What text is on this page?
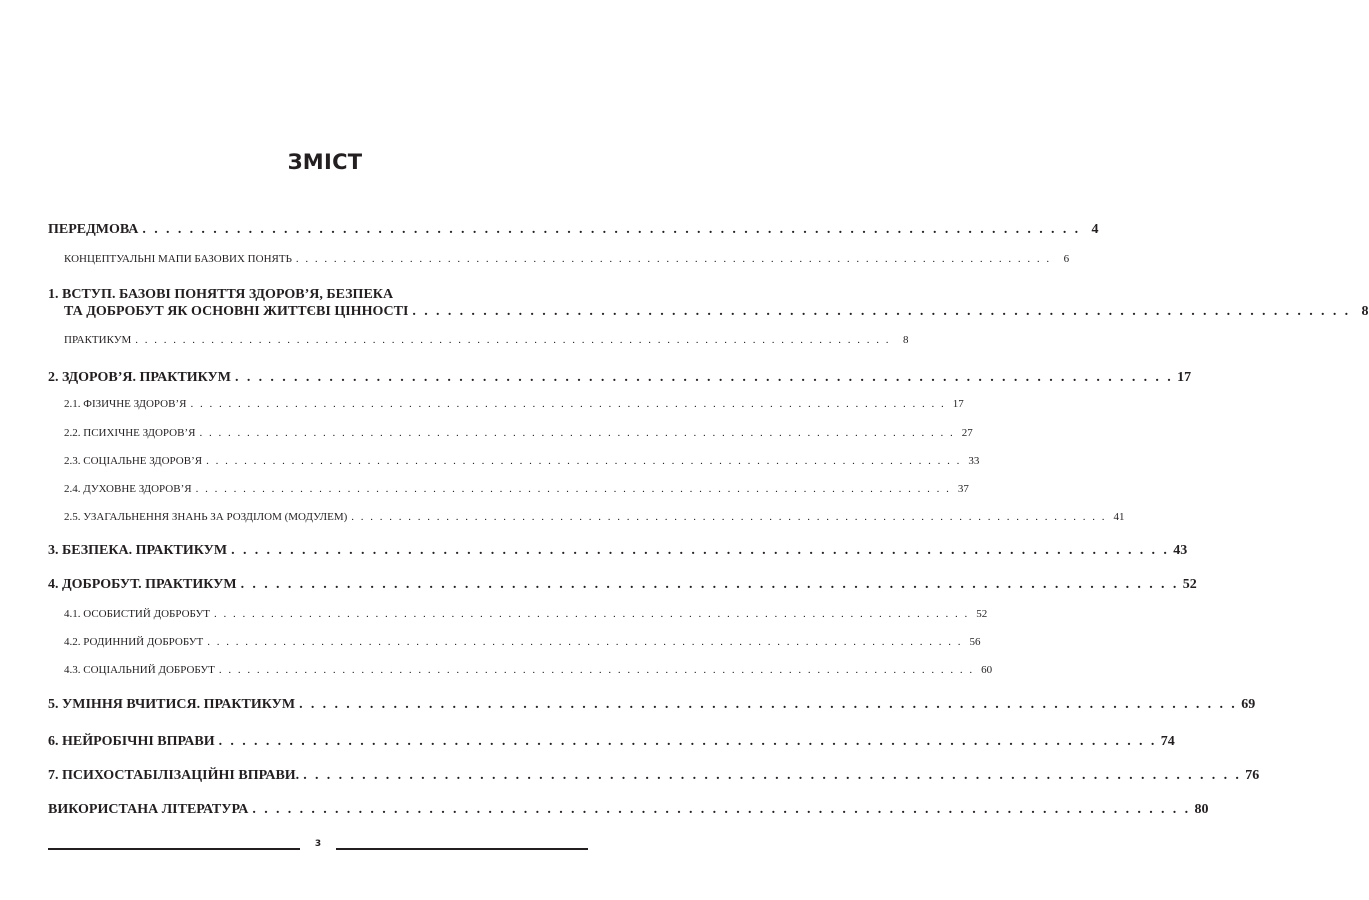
ЗМІСТ
ПЕРЕДМОВА . . . . . . . . . . . . . . . . . . . . . . . . . . . . . . . . . . . . . . . . . . . . . . . . . . . . . . . . . . . . . . . . . . . . . . . . . . . . . . . . 4
КОНЦЕПТУАЛЬНІ МАПИ БАЗОВИХ ПОНЯТЬ . . . . . . . . . . . . . . . . . . . . . . . . . . . . . . . . . . . . . . . . . . . . . . . . . . . . . . . . . . . . . . . . . . . . . . . . . . . . . . . .	6
1. ВСТУП. БАЗОВІ ПОНЯТТЯ ЗДОРОВ’Я, БЕЗПЕКА
ТА ДОБРОБУТ ЯК ОСНОВНІ ЖИТТЄВІ ЦІННОСТІ . . . . . . . . . . . . . . . . . . . . . . . . . . . . . . . . . . . . . . . . . . . . . . . . . . . . . . . . . . . . . . . . . . . . . . . . . . . . . . . . 8
ПРАКТИКУМ . . . . . . . . . . . . . . . . . . . . . . . . . . . . . . . . . . . . . . . . . . . . . . . . . . . . . . . . . . . . . . . . . . . . . . . . . . . . . . . .	8
2. ЗДОРОВ’Я. ПРАКТИКУМ . . . . . . . . . . . . . . . . . . . . . . . . . . . . . . . . . . . . . . . . . . . . . . . . . . . . . . . . . . . . . . . . . . . . . . . . . . . . . . . . 17
2.1. ФІЗИЧНЕ ЗДОРОВ’Я . . . . . . . . . . . . . . . . . . . . . . . . . . . . . . . . . . . . . . . . . . . . . . . . . . . . . . . . . . . . . . . . . . . . . . . . . . . . . . . . 17
2.2. ПСИХІЧНЕ ЗДОРОВ’Я . . . . . . . . . . . . . . . . . . . . . . . . . . . . . . . . . . . . . . . . . . . . . . . . . . . . . . . . . . . . . . . . . . . . . . . . . . . . . . . . 27
2.3. СОЦІАЛЬНЕ ЗДОРОВ’Я . . . . . . . . . . . . . . . . . . . . . . . . . . . . . . . . . . . . . . . . . . . . . . . . . . . . . . . . . . . . . . . . . . . . . . . . . . . . . . . . 33
2.4. ДУХОВНЕ ЗДОРОВ’Я . . . . . . . . . . . . . . . . . . . . . . . . . . . . . . . . . . . . . . . . . . . . . . . . . . . . . . . . . . . . . . . . . . . . . . . . . . . . . . . . 37
2.5. УЗАГАЛЬНЕННЯ ЗНАНЬ ЗА РОЗДІЛОМ (МОДУЛЕМ) . . . . . . . . . . . . . . . . . . . . . . . . . . . . . . . . . . . . . . . . . . . . . . . . . . . . . . . . . . . . . . . . . . . . . . . . . . . . . . . . 41
3. БЕЗПЕКА. ПРАКТИКУМ . . . . . . . . . . . . . . . . . . . . . . . . . . . . . . . . . . . . . . . . . . . . . . . . . . . . . . . . . . . . . . . . . . . . . . . . . . . . . . . . 43
4. ДОБРОБУТ. ПРАКТИКУМ . . . . . . . . . . . . . . . . . . . . . . . . . . . . . . . . . . . . . . . . . . . . . . . . . . . . . . . . . . . . . . . . . . . . . . . . . . . . . . . . 52
4.1. ОСОБИСТИЙ ДОБРОБУТ . . . . . . . . . . . . . . . . . . . . . . . . . . . . . . . . . . . . . . . . . . . . . . . . . . . . . . . . . . . . . . . . . . . . . . . . . . . . . . . . 52
4.2. РОДИННИЙ ДОБРОБУТ . . . . . . . . . . . . . . . . . . . . . . . . . . . . . . . . . . . . . . . . . . . . . . . . . . . . . . . . . . . . . . . . . . . . . . . . . . . . . . . . 56
4.3. СОЦІАЛЬНИЙ ДОБРОБУТ . . . . . . . . . . . . . . . . . . . . . . . . . . . . . . . . . . . . . . . . . . . . . . . . . . . . . . . . . . . . . . . . . . . . . . . . . . . . . . . . 60
5. УМІННЯ ВЧИТИСЯ. ПРАКТИКУМ . . . . . . . . . . . . . . . . . . . . . . . . . . . . . . . . . . . . . . . . . . . . . . . . . . . . . . . . . . . . . . . . . . . . . . . . . . . . . . . . 69
6. НЕЙРОБІЧНІ ВПРАВИ . . . . . . . . . . . . . . . . . . . . . . . . . . . . . . . . . . . . . . . . . . . . . . . . . . . . . . . . . . . . . . . . . . . . . . . . . . . . . . . . 74
7. ПСИХОСТАБІЛІЗАЦІЙНІ ВПРАВИ. . . . . . . . . . . . . . . . . . . . . . . . . . . . . . . . . . . . . . . . . . . . . . . . . . . . . . . . . . . . . . . . . . . . . . . . . . . . . . . . . 76
ВИКОРИСТАНА ЛІТЕРАТУРА . . . . . . . . . . . . . . . . . . . . . . . . . . . . . . . . . . . . . . . . . . . . . . . . . . . . . . . . . . . . . . . . . . . . . . . . . . . . . . . . 80
3
